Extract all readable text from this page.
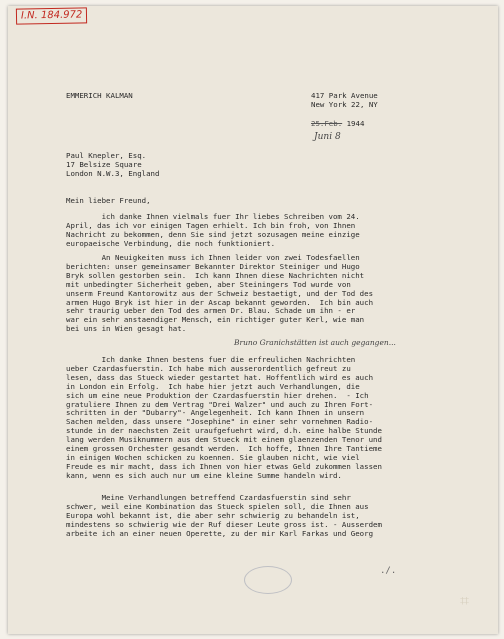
I.N. 184.972
EMMERICH KALMAN	417 Park Avenue
New York 22, NY
25.Feb. 1944
Juni 8
Paul Knepler, Esq.
17 Belsize Square
London N.W.3, England
Mein lieber Freund,
ich danke Ihnen vielmals fuer Ihr liebes Schreiben vom 24.
April, das ich vor einigen Tagen erhielt. Ich bin froh, von Ihnen
Nachricht zu bekommen, denn Sie sind jetzt sozusagen meine einzige
europaeische Verbindung, die noch funktioniert.
An Neuigkeiten muss ich Ihnen leider von zwei Todesfaellen
berichten: unser gemeinsamer Bekannter Direktor Steiniger und Hugo
Bryk sollen gestorben sein.  Ich kann Ihnen diese Nachrichten nicht
mit unbedingter Sicherheit geben, aber Steiningers Tod wurde von
unserm Freund Kantorowitz aus der Schweiz bestaetigt, und der Tod des
armen Hugo Bryk ist hier in der Ascap bekannt geworden.  Ich bin auch
sehr traurig ueber den Tod des armen Dr. Blau. Schade um ihn - er
war ein sehr anstaendiger Mensch, ein richtiger guter Kerl, wie man
bei uns in Wien gesagt hat.
Ich danke Ihnen bestens fuer die erfreulichen Nachrichten
ueber Czardasfuerstin. Ich habe mich ausserordentlich gefreut zu
lesen, dass das Stueck wieder gestartet hat. Hoffentlich wird es auch
in London ein Erfolg.  Ich habe hier jetzt auch Verhandlungen, die
sich um eine neue Produktion der Czardasfuerstin hier drehen.  - Ich
gratuliere Ihnen zu dem Vertrag "Drei Walzer" und auch zu Ihren Fort-
schritten in der "Dubarry"- Angelegenheit. Ich kann Ihnen in unsern
Sachen melden, dass unsere "Josephine" in einer sehr vornehmen Radio-
stunde in der naechsten Zeit uraufgefuehrt wird, d.h. eine halbe Stunde
lang werden Musiknummern aus dem Stueck mit einem glaenzenden Tenor und
einem grossen Orchester gesandt werden.  Ich hoffe, Ihnen Ihre Tantieme
in einigen Wochen schicken zu koennen. Sie glauben nicht, wie viel
Freude es mir macht, dass ich Ihnen von hier etwas Geld zukommen lassen
kann, wenn es sich auch nur um eine kleine Summe handeln wird.
Meine Verhandlungen betreffend Czardasfuerstin sind sehr
schwer, weil eine Kombination das Stueck spielen soll, die Ihnen aus
Europa wohl bekannt ist, die aber sehr schwierig zu behandeln ist,
mindestens so schwierig wie der Ruf dieser Leute gross ist. - Ausserdem
arbeite ich an einer neuen Operette, zu der mir Karl Farkas und Georg
Bruno Granichstätten ist auch gegangen...
./.
⌗
